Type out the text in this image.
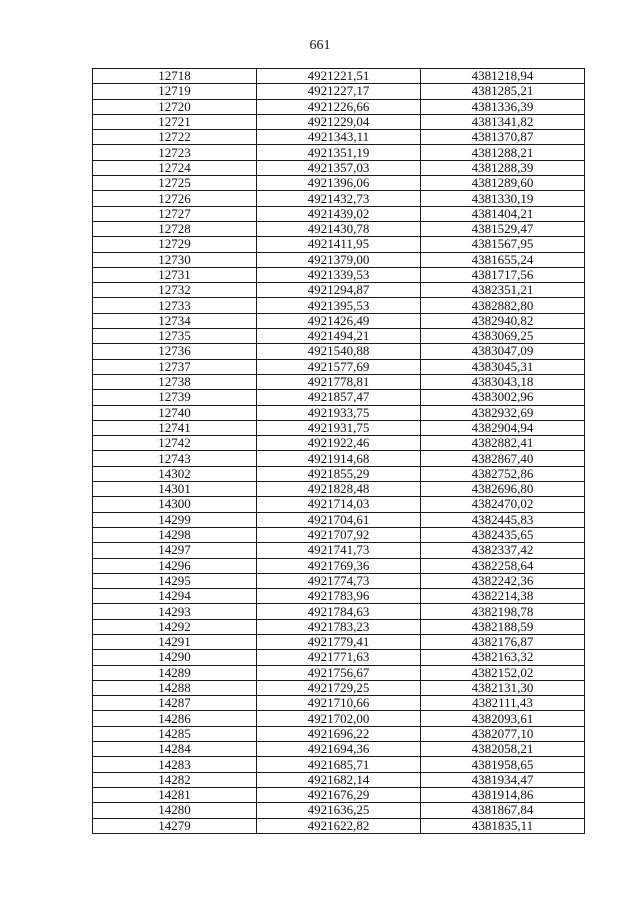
661
12718	4921221,51	4381218,94
12719	4921227,17	4381285,21
12720	4921226,66	4381336,39
12721	4921229,04	4381341,82
12722	4921343,11	4381370,87
12723	4921351,19	4381288,21
12724	4921357,03	4381288,39
12725	4921396,06	4381289,60
12726	4921432,73	4381330,19
12727	4921439,02	4381404,21
12728	4921430,78	4381529,47
12729	4921411,95	4381567,95
12730	4921379,00	4381655,24
12731	4921339,53	4381717,56
12732	4921294,87	4382351,21
12733	4921395,53	4382882,80
12734	4921426,49	4382940,82
12735	4921494,21	4383069,25
12736	4921540,88	4383047,09
12737	4921577,69	4383045,31
12738	4921778,81	4383043,18
12739	4921857,47	4383002,96
12740	4921933,75	4382932,69
12741	4921931,75	4382904,94
12742	4921922,46	4382882,41
12743	4921914,68	4382867,40
14302	4921855,29	4382752,86
14301	4921828,48	4382696,80
14300	4921714,03	4382470,02
14299	4921704,61	4382445,83
14298	4921707,92	4382435,65
14297	4921741,73	4382337,42
14296	4921769,36	4382258,64
14295	4921774,73	4382242,36
14294	4921783,96	4382214,38
14293	4921784,63	4382198,78
14292	4921783,23	4382188,59
14291	4921779,41	4382176,87
14290	4921771,63	4382163,32
14289	4921756,67	4382152,02
14288	4921729,25	4382131,30
14287	4921710,66	4382111,43
14286	4921702,00	4382093,61
14285	4921696,22	4382077,10
14284	4921694,36	4382058,21
14283	4921685,71	4381958,65
14282	4921682,14	4381934,47
14281	4921676,29	4381914,86
14280	4921636,25	4381867,84
14279	4921622,82	4381835,11
